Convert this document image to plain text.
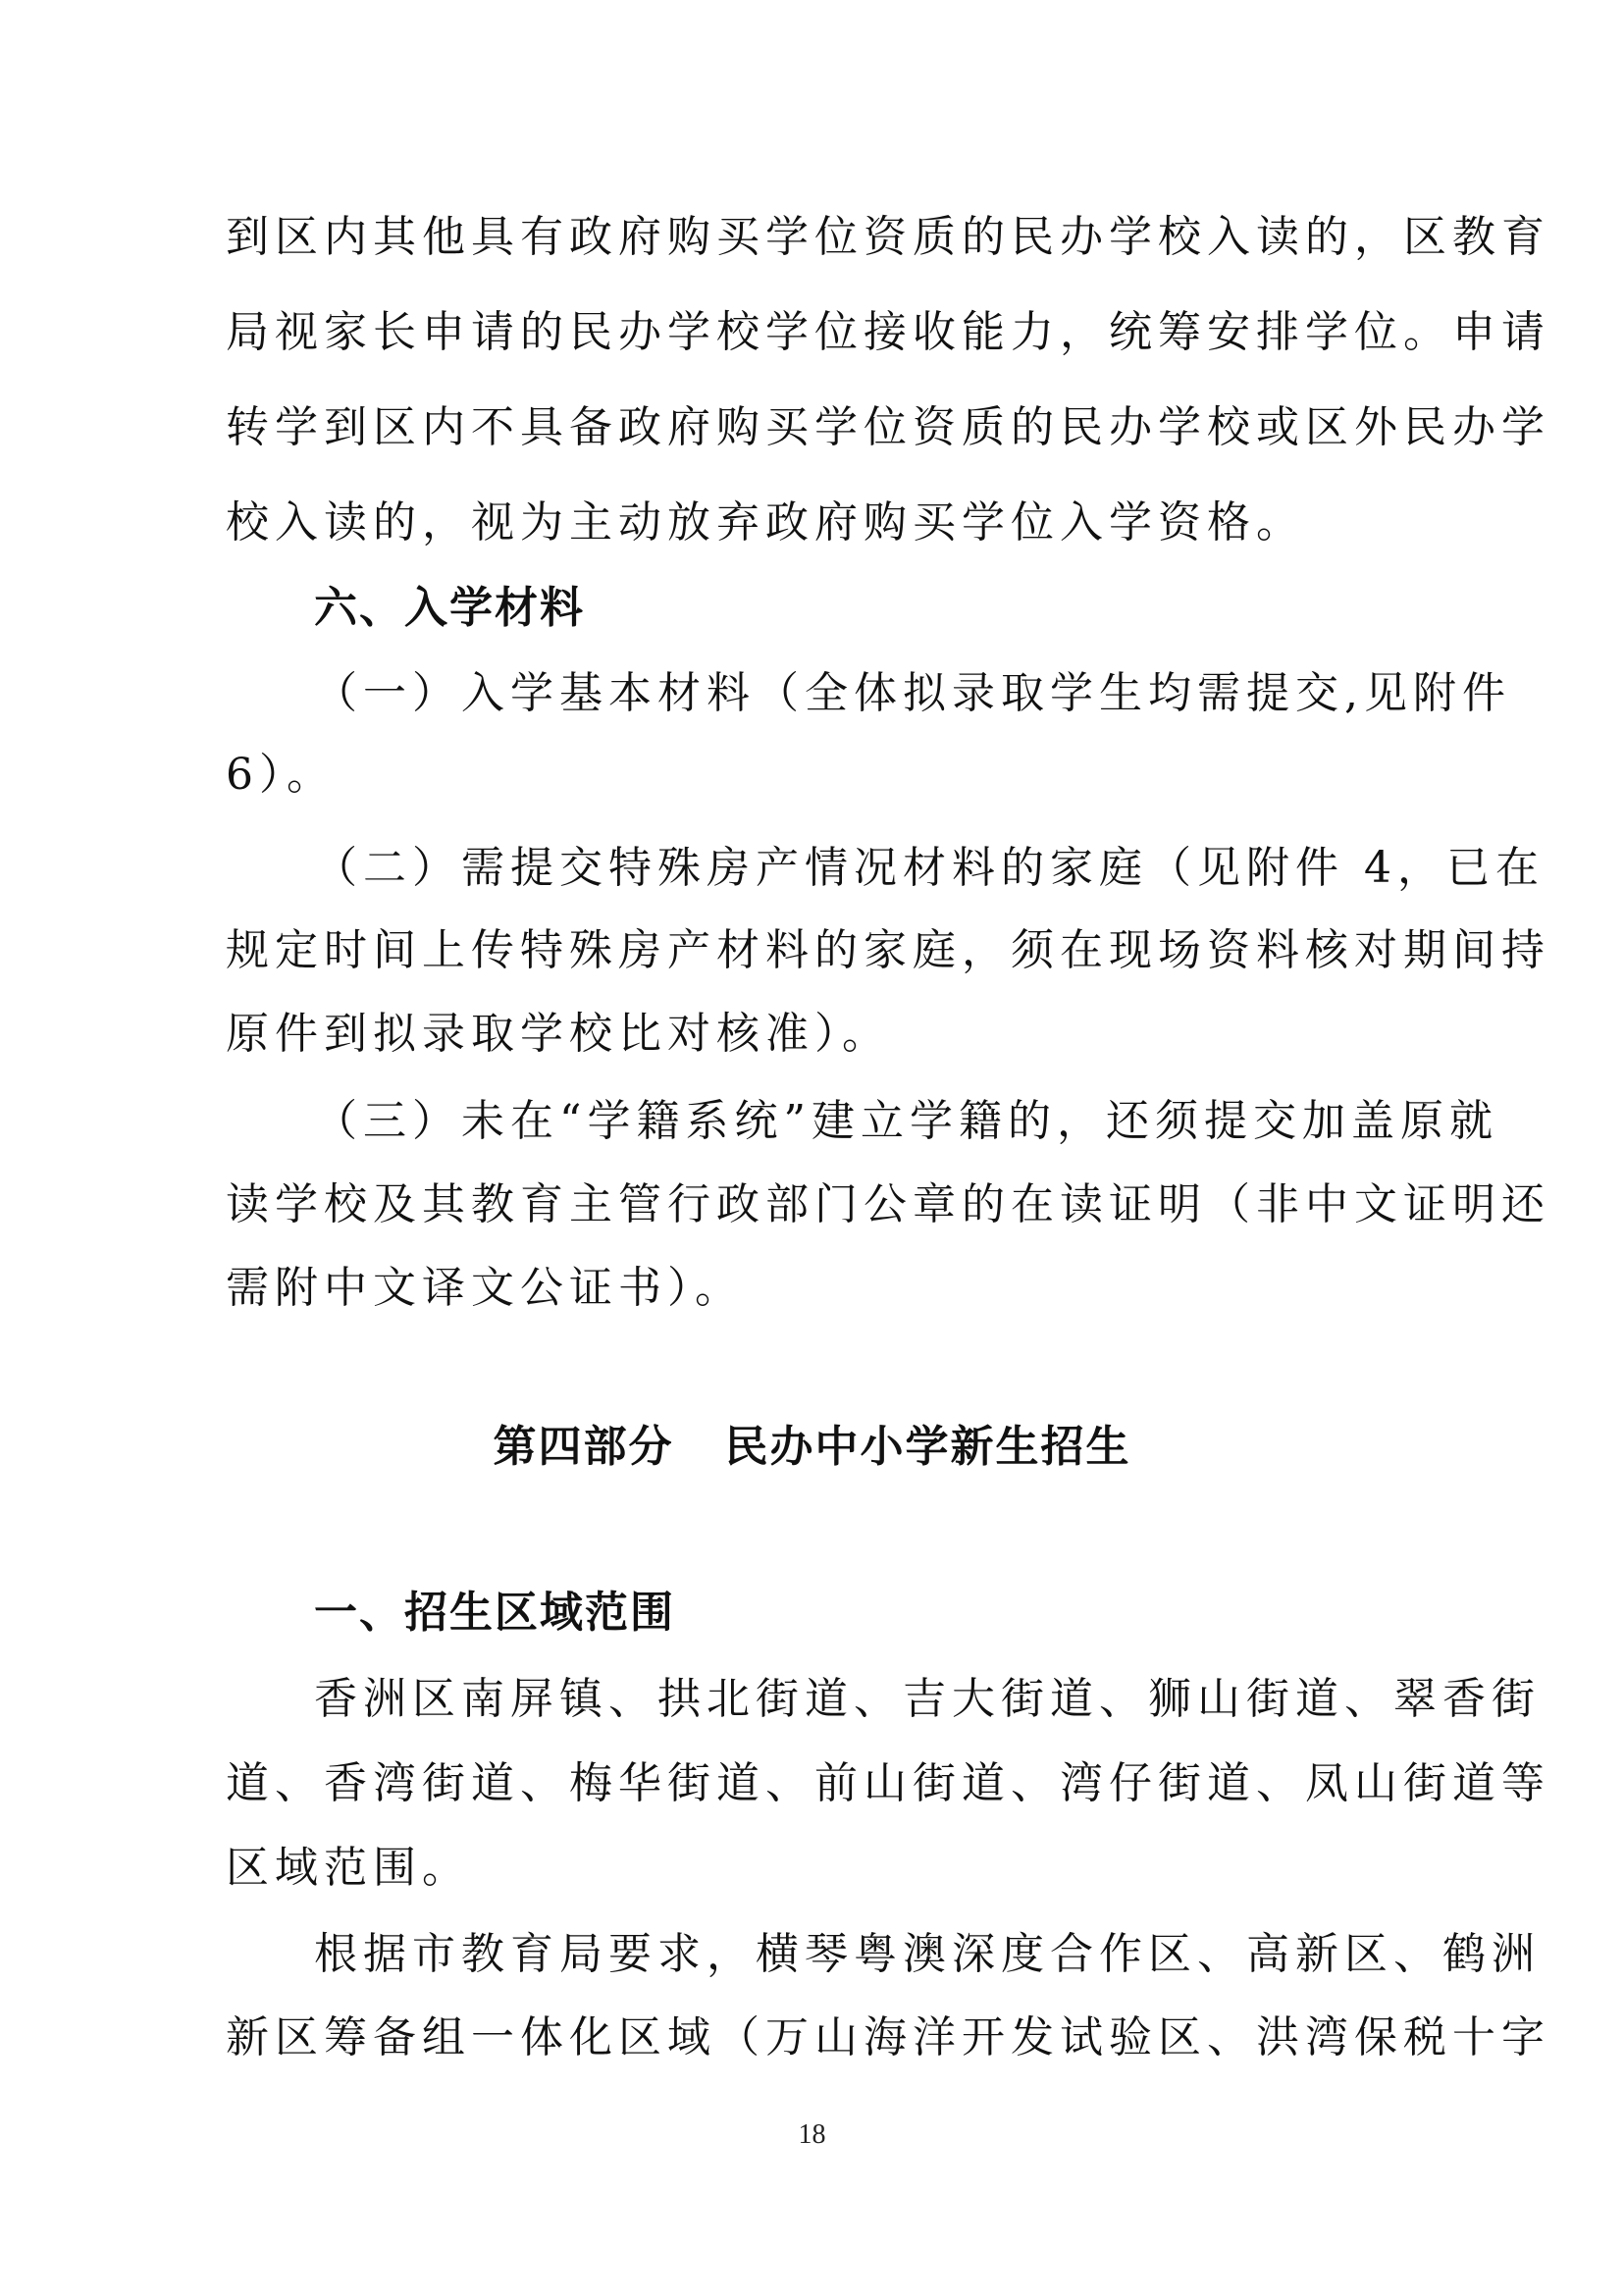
到区内其他具有政府购买学位资质的民办学校入读的，区教育
局视家长申请的民办学校学位接收能力，统筹安排学位。申请
转学到区内不具备政府购买学位资质的民办学校或区外民办学
校入读的，视为主动放弃政府购买学位入学资格。
六、入学材料
（一）入学基本材料（全体拟录取学生均需提交,见附件
6）。
（二）需提交特殊房产情况材料的家庭（见附件 4，已在
规定时间上传特殊房产材料的家庭，须在现场资料核对期间持
原件到拟录取学校比对核准）。
（三）未在“学籍系统”建立学籍的，还须提交加盖原就
读学校及其教育主管行政部门公章的在读证明（非中文证明还
需附中文译文公证书）。
第四部分   民办中小学新生招生
一、招生区域范围
香洲区南屏镇、拱北街道、吉大街道、狮山街道、翠香街
道、香湾街道、梅华街道、前山街道、湾仔街道、凤山街道等
区域范围。
根据市教育局要求，横琴粤澳深度合作区、高新区、鹤洲
新区筹备组一体化区域（万山海洋开发试验区、洪湾保税十字
18
